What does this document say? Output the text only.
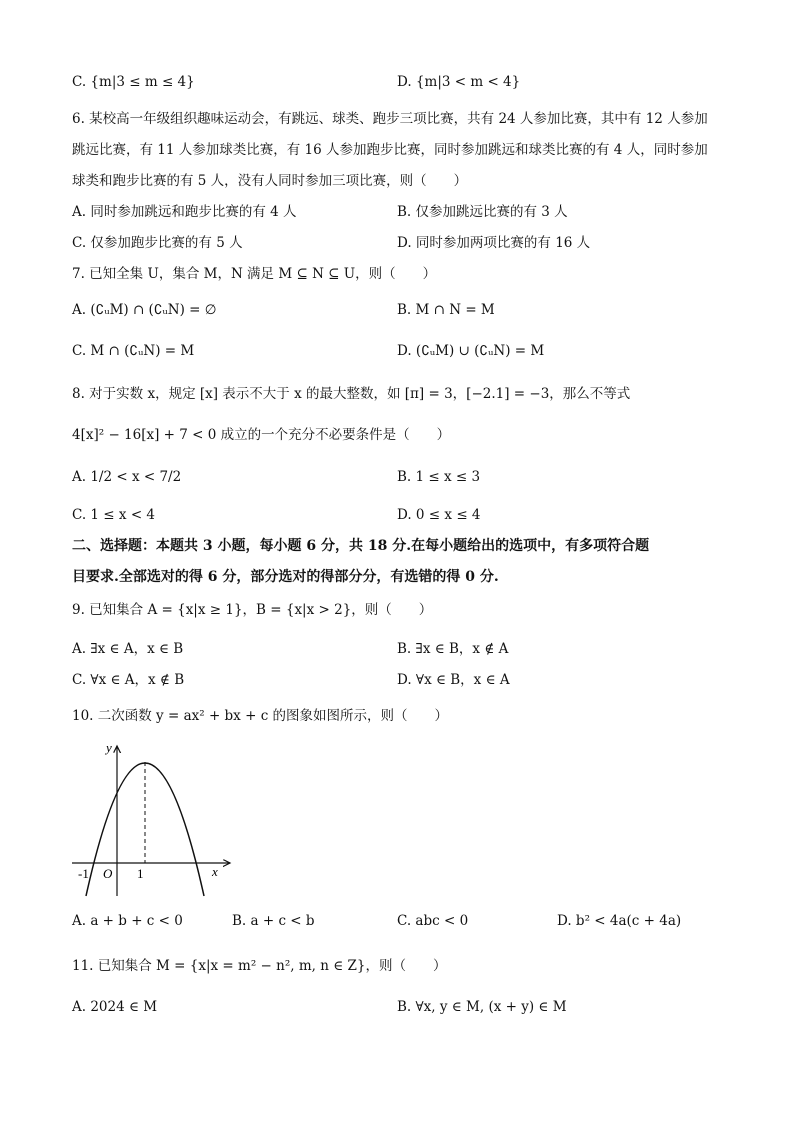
C. {m|3 ≤ m ≤ 4}	D. {m|3 < m < 4}
6. 某校高一年级组织趣味运动会，有跳远、球类、跑步三项比赛，共有 24 人参加比赛，其中有 12 人参加
跳远比赛，有 11 人参加球类比赛，有 16 人参加跑步比赛，同时参加跳远和球类比赛的有 4 人，同时参加
球类和跑步比赛的有 5 人，没有人同时参加三项比赛，则（　　）
A. 同时参加跳远和跑步比赛的有 4 人	B. 仅参加跳远比赛的有 3 人
C. 仅参加跑步比赛的有 5 人	D. 同时参加两项比赛的有 16 人
7. 已知全集 U，集合 M，N 满足 M ⊆ N ⊆ U，则（　　）
A. (∁ᵤM) ∩ (∁ᵤN) = ∅	B. M ∩ N = M
C. M ∩ (∁ᵤN) = M	D. (∁ᵤM) ∪ (∁ᵤN) = M
8. 对于实数 x，规定 [x] 表示不大于 x 的最大整数，如 [π] = 3，[−2.1] = −3，那么不等式
4[x]² − 16[x] + 7 < 0 成立的一个充分不必要条件是（　　）
A. 1/2 < x < 7/2	B. 1 ≤ x ≤ 3
C. 1 ≤ x < 4	D. 0 ≤ x ≤ 4
二、选择题：本题共 3 小题，每小题 6 分，共 18 分.在每小题给出的选项中，有多项符合题
目要求.全部选对的得 6 分，部分选对的得部分分，有选错的得 0 分.
9. 已知集合 A = {x|x ≥ 1}，B = {x|x > 2}，则（　　）
A. ∃x ∈ A，x ∈ B	B. ∃x ∈ B，x ∉ A
C. ∀x ∈ A，x ∉ B	D. ∀x ∈ B，x ∈ A
10. 二次函数 y = ax² + bx + c 的图象如图所示，则（　　）
y
x
O
-1	1
A. a + b + c < 0	B. a + c < b	C. abc < 0	D. b² < 4a(c + 4a)
11. 已知集合 M = {x|x = m² − n², m, n ∈ Z}，则（　　）
A. 2024 ∈ M	B. ∀x, y ∈ M, (x + y) ∈ M
